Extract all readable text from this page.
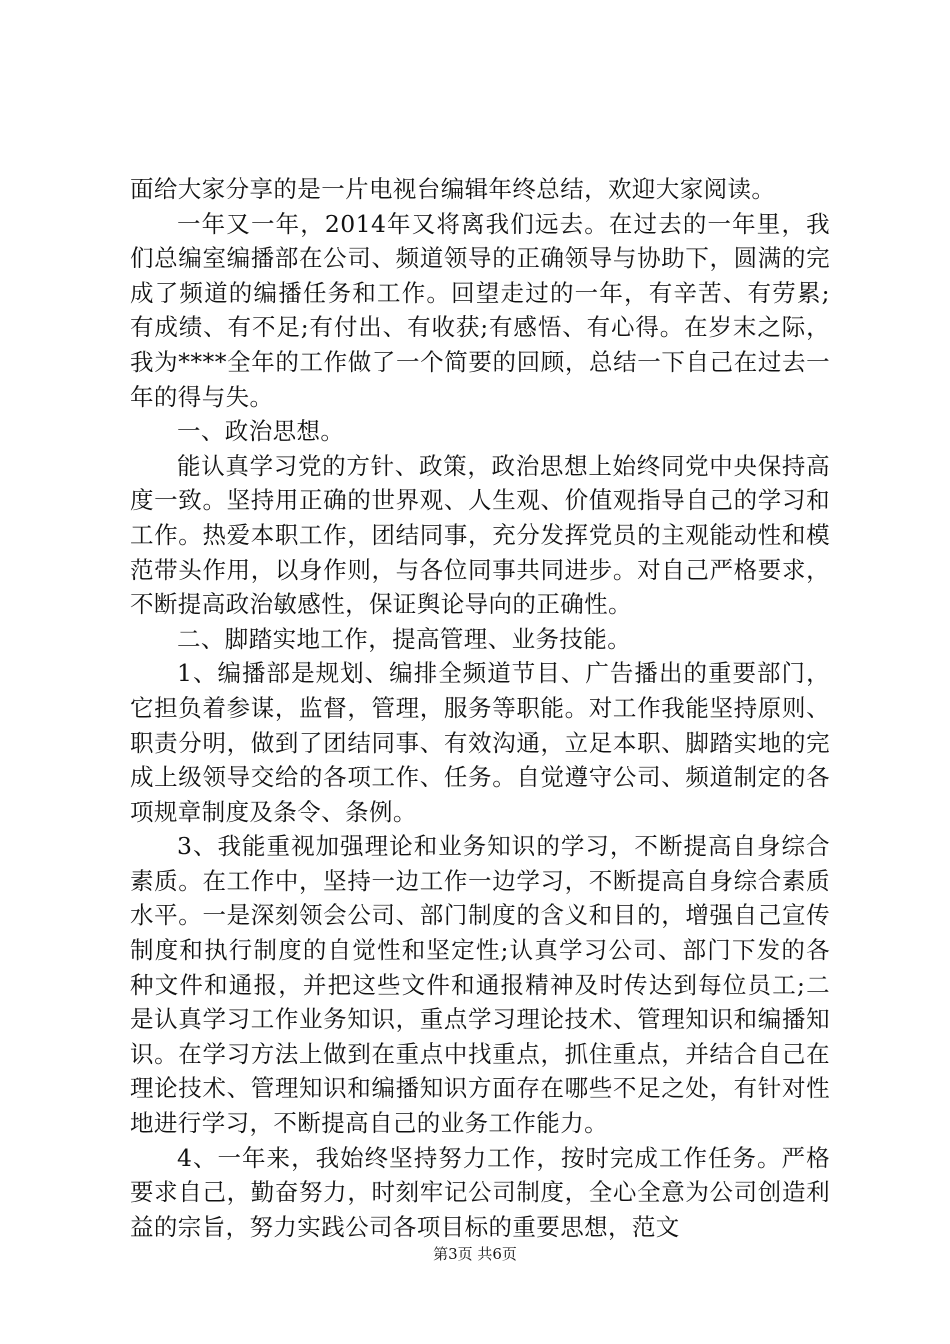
面给大家分享的是一片电视台编辑年终总结，欢迎大家阅读。

一年又一年，2014年又将离我们远去。在过去的一年里，我们总编室编播部在公司、频道领导的正确领导与协助下，圆满的完成了频道的编播任务和工作。回望走过的一年，有辛苦、有劳累;有成绩、有不足;有付出、有收获;有感悟、有心得。在岁末之际，我为****全年的工作做了一个简要的回顾，总结一下自己在过去一年的得与失。

一、政治思想。

能认真学习党的方针、政策，政治思想上始终同党中央保持高度一致。坚持用正确的世界观、人生观、价值观指导自己的学习和工作。热爱本职工作，团结同事，充分发挥党员的主观能动性和模范带头作用，以身作则，与各位同事共同进步。对自己严格要求，不断提高政治敏感性，保证舆论导向的正确性。

二、脚踏实地工作，提高管理、业务技能。

1、编播部是规划、编排全频道节目、广告播出的重要部门，它担负着参谋，监督，管理，服务等职能。对工作我能坚持原则、职责分明，做到了团结同事、有效沟通，立足本职、脚踏实地的完成上级领导交给的各项工作、任务。自觉遵守公司、频道制定的各项规章制度及条令、条例。

3、我能重视加强理论和业务知识的学习，不断提高自身综合素质。在工作中，坚持一边工作一边学习，不断提高自身综合素质水平。一是深刻领会公司、部门制度的含义和目的，增强自己宣传制度和执行制度的自觉性和坚定性;认真学习公司、部门下发的各种文件和通报，并把这些文件和通报精神及时传达到每位员工;二是认真学习工作业务知识，重点学习理论技术、管理知识和编播知识。在学习方法上做到在重点中找重点，抓住重点，并结合自己在理论技术、管理知识和编播知识方面存在哪些不足之处，有针对性地进行学习，不断提高自己的业务工作能力。

4、一年来，我始终坚持努力工作，按时完成工作任务。严格要求自己，勤奋努力，时刻牢记公司制度，全心全意为公司创造利益的宗旨，努力实践公司各项目标的重要思想，范文

第3页 共6页
